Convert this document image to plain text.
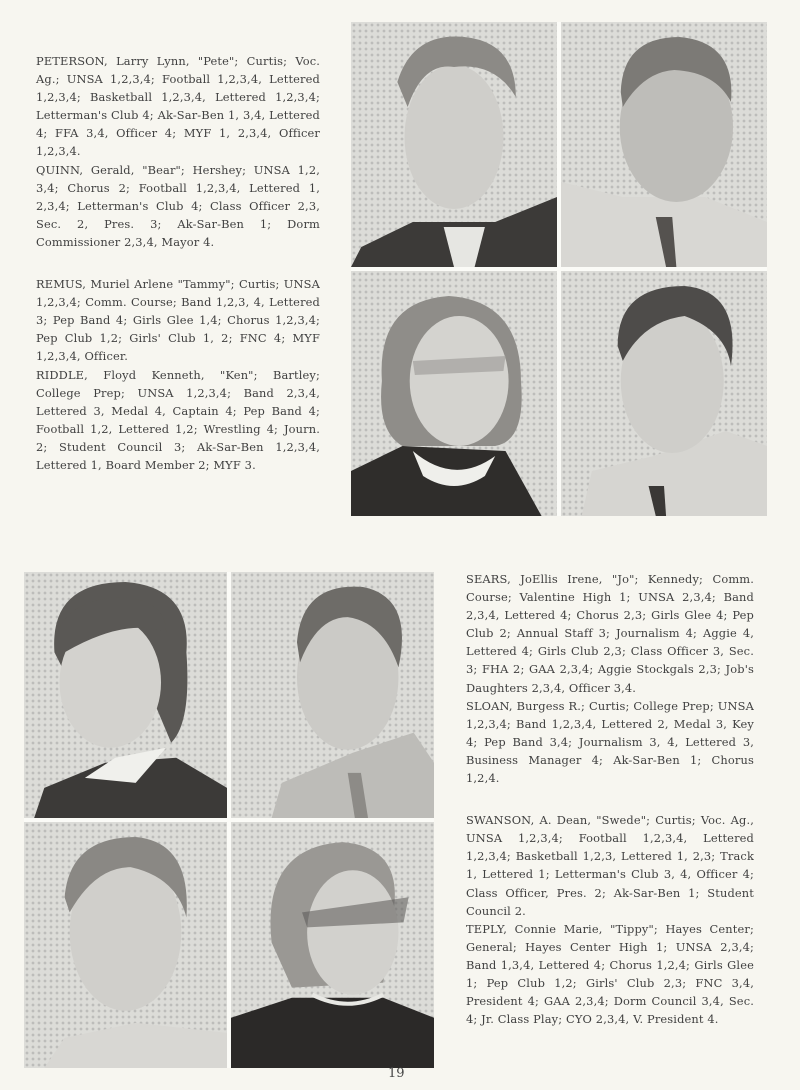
PETERSON, Larry Lynn, "Pete"; Curtis; Voc. Ag.; UNSA 1,2,3,4; Football 1,2,3,4, Lettered 1,2,3,4; Basketball 1,2,3,4, Lettered 1,2,3,4; Letterman's Club 4; Ak-Sar-Ben 1, 3,4, Lettered 4; FFA 3,4, Officer 4; MYF 1, 2,3,4, Officer 1,2,3,4.

QUINN, Gerald, "Bear"; Hershey; UNSA 1,2, 3,4; Chorus 2; Football 1,2,3,4, Lettered 1, 2,3,4; Letterman's Club 4; Class Officer 2,3, Sec. 2, Pres. 3; Ak-Sar-Ben 1; Dorm Commissioner 2,3,4, Mayor 4.

REMUS, Muriel Arlene "Tammy"; Curtis; UNSA 1,2,3,4; Comm. Course; Band 1,2,3, 4, Lettered 3; Pep Band 4; Girls Glee 1,4; Chorus 1,2,3,4; Pep Club 1,2; Girls' Club 1, 2; FNC 4; MYF 1,2,3,4, Officer.

RIDDLE, Floyd Kenneth, "Ken"; Bartley; College Prep; UNSA 1,2,3,4; Band 2,3,4, Lettered 3, Medal 4, Captain 4; Pep Band 4; Football 1,2, Lettered 1,2; Wrestling 4; Journ. 2; Student Council 3; Ak-Sar-Ben 1,2,3,4, Lettered 1, Board Member 2; MYF 3.

SEARS, JoEllis Irene, "Jo"; Kennedy; Comm. Course; Valentine High 1; UNSA 2,3,4; Band 2,3,4, Lettered 4; Chorus 2,3; Girls Glee 4; Pep Club 2; Annual Staff 3; Journalism 4; Aggie 4, Lettered 4; Girls Club 2,3; Class Officer 3, Sec. 3; FHA 2; GAA 2,3,4; Aggie Stockgals 2,3; Job's Daughters 2,3,4, Officer 3,4.

SLOAN, Burgess R.; Curtis; College Prep; UNSA 1,2,3,4; Band 1,2,3,4, Lettered 2, Medal 3, Key 4; Pep Band 3,4; Journalism 3, 4, Lettered 3, Business Manager 4; Ak-Sar-Ben 1; Chorus 1,2,4.

SWANSON, A. Dean, "Swede"; Curtis; Voc. Ag., UNSA 1,2,3,4; Football 1,2,3,4, Lettered 1,2,3,4; Basketball 1,2,3, Lettered 1, 2,3; Track 1, Lettered 1; Letterman's Club 3, 4, Officer 4; Class Officer, Pres. 2; Ak-Sar-Ben 1; Student Council 2.

TEPLY, Connie Marie, "Tippy"; Hayes Center; General; Hayes Center High 1; UNSA 2,3,4; Band 1,3,4, Lettered 4; Chorus 1,2,4; Girls Glee 1; Pep Club 1,2; Girls' Club 2,3; FNC 3,4, President 4; GAA 2,3,4; Dorm Council 3,4, Sec. 4; Jr. Class Play; CYO 2,3,4, V. President 4.

19
